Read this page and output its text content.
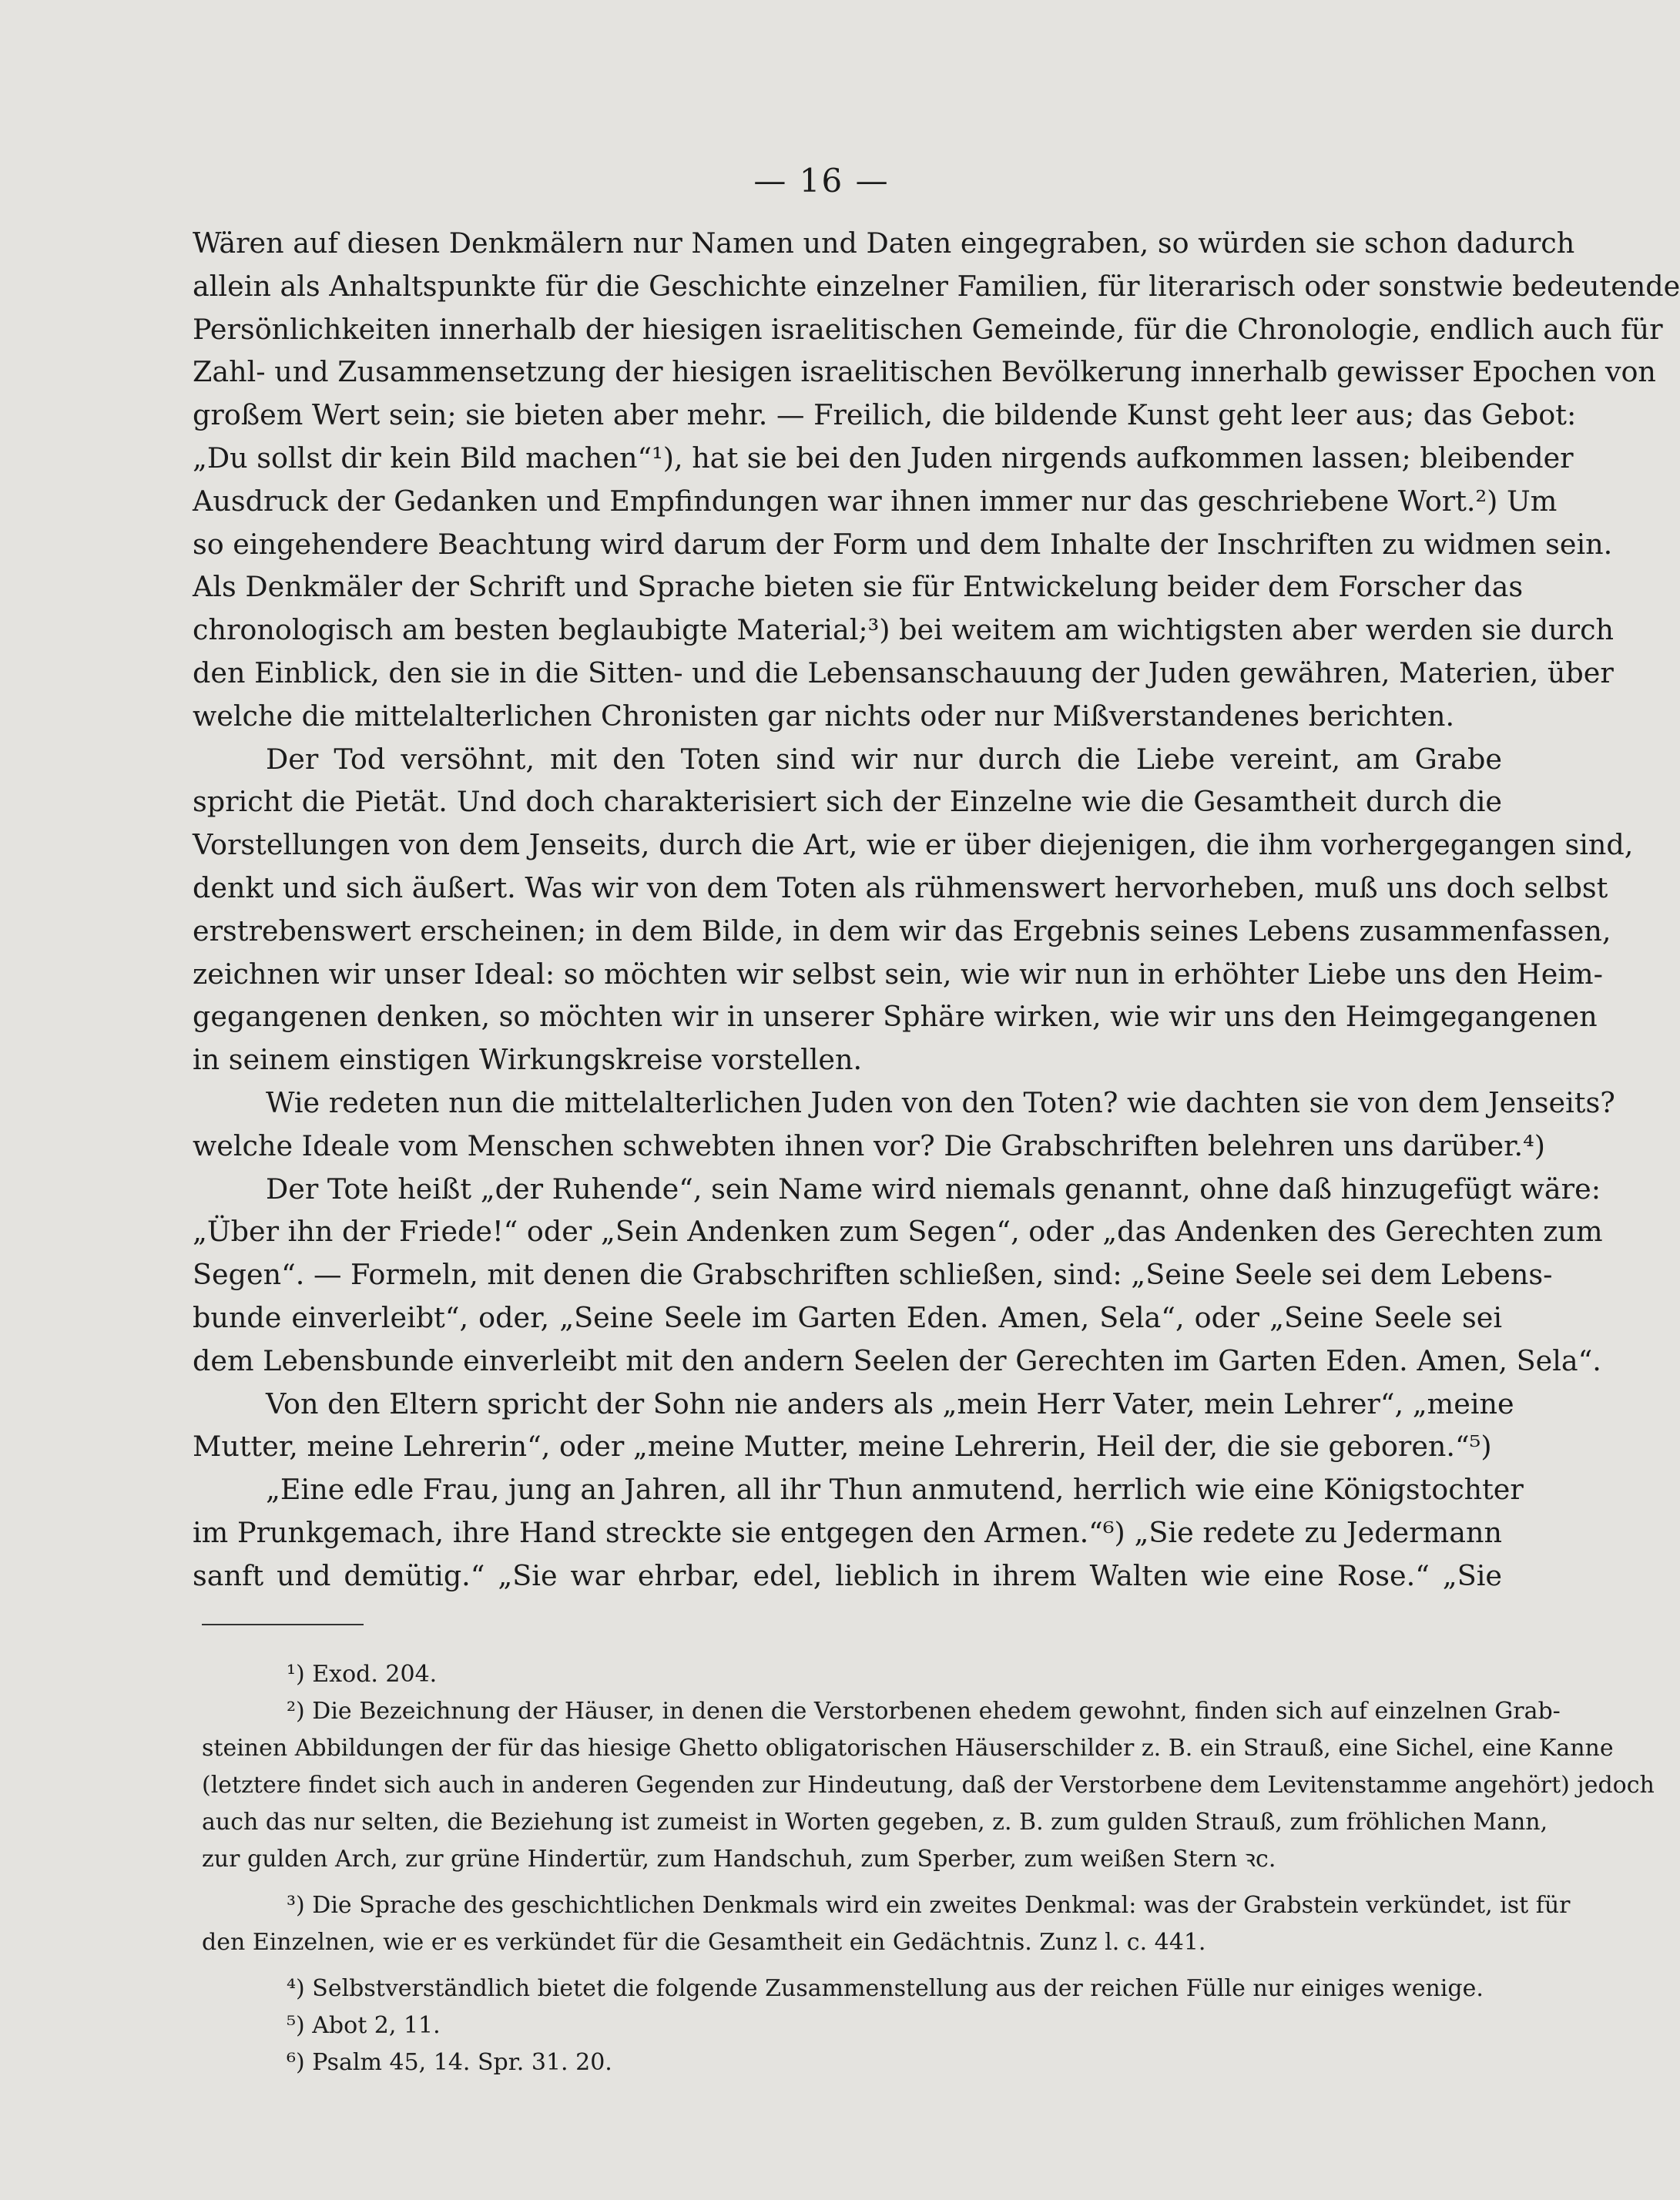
— 16 —
Wären auf diesen Denkmälern nur Namen und Daten eingegraben, so würden sie schon dadurch
allein als Anhaltspunkte für die Geschichte einzelner Familien, für literarisch oder sonstwie bedeutende
Persönlichkeiten innerhalb der hiesigen israelitischen Gemeinde, für die Chronologie, endlich auch für
Zahl- und Zusammensetzung der hiesigen israelitischen Bevölkerung innerhalb gewisser Epochen von
großem Wert sein; sie bieten aber mehr. — Freilich, die bildende Kunst geht leer aus; das Gebot:
„Du sollst dir kein Bild machen“¹), hat sie bei den Juden nirgends aufkommen lassen; bleibender
Ausdruck der Gedanken und Empfindungen war ihnen immer nur das geschriebene Wort.²) Um
so eingehendere Beachtung wird darum der Form und dem Inhalte der Inschriften zu widmen sein.
Als Denkmäler der Schrift und Sprache bieten sie für Entwickelung beider dem Forscher das
chronologisch am besten beglaubigte Material;³) bei weitem am wichtigsten aber werden sie durch
den Einblick, den sie in die Sitten- und die Lebensanschauung der Juden gewähren, Materien, über
welche die mittelalterlichen Chronisten gar nichts oder nur Mißverstandenes berichten.
Der Tod versöhnt, mit den Toten sind wir nur durch die Liebe vereint, am Grabe
spricht die Pietät. Und doch charakterisiert sich der Einzelne wie die Gesamtheit durch die
Vorstellungen von dem Jenseits, durch die Art, wie er über diejenigen, die ihm vorhergegangen sind,
denkt und sich äußert. Was wir von dem Toten als rühmenswert hervorheben, muß uns doch selbst
erstrebenswert erscheinen; in dem Bilde, in dem wir das Ergebnis seines Lebens zusammenfassen,
zeichnen wir unser Ideal: so möchten wir selbst sein, wie wir nun in erhöhter Liebe uns den Heim-
gegangenen denken, so möchten wir in unserer Sphäre wirken, wie wir uns den Heimgegangenen
in seinem einstigen Wirkungskreise vorstellen.
Wie redeten nun die mittelalterlichen Juden von den Toten? wie dachten sie von dem Jenseits?
welche Ideale vom Menschen schwebten ihnen vor? Die Grabschriften belehren uns darüber.⁴)
Der Tote heißt „der Ruhende“, sein Name wird niemals genannt, ohne daß hinzugefügt wäre:
„Über ihn der Friede!“ oder „Sein Andenken zum Segen“, oder „das Andenken des Gerechten zum
Segen“. — Formeln, mit denen die Grabschriften schließen, sind: „Seine Seele sei dem Lebens-
bunde einverleibt“, oder, „Seine Seele im Garten Eden. Amen, Sela“, oder „Seine Seele sei
dem Lebensbunde einverleibt mit den andern Seelen der Gerechten im Garten Eden. Amen, Sela“.
Von den Eltern spricht der Sohn nie anders als „mein Herr Vater, mein Lehrer“, „meine
Mutter, meine Lehrerin“, oder „meine Mutter, meine Lehrerin, Heil der, die sie geboren.“⁵)
„Eine edle Frau, jung an Jahren, all ihr Thun anmutend, herrlich wie eine Königstochter
im Prunkgemach, ihre Hand streckte sie entgegen den Armen.“⁶) „Sie redete zu Jedermann
sanft und demütig.“ „Sie war ehrbar, edel, lieblich in ihrem Walten wie eine Rose.“ „Sie
¹) Exod. 204.
²) Die Bezeichnung der Häuser, in denen die Verstorbenen ehedem gewohnt, finden sich auf einzelnen Grab-
steinen Abbildungen der für das hiesige Ghetto obligatorischen Häuserschilder z. B. ein Strauß, eine Sichel, eine Kanne
(letztere findet sich auch in anderen Gegenden zur Hindeutung, daß der Verstorbene dem Levitenstamme angehört) jedoch
auch das nur selten, die Beziehung ist zumeist in Worten gegeben, z. B. zum gulden Strauß, zum fröhlichen Mann,
zur gulden Arch, zur grüne Hindertür, zum Handschuh, zum Sperber, zum weißen Stern ꝛc.
³) Die Sprache des geschichtlichen Denkmals wird ein zweites Denkmal: was der Grabstein verkündet, ist für
den Einzelnen, wie er es verkündet für die Gesamtheit ein Gedächtnis. Zunz l. c. 441.
⁴) Selbstverständlich bietet die folgende Zusammenstellung aus der reichen Fülle nur einiges wenige.
⁵) Abot 2, 11.
⁶) Psalm 45, 14. Spr. 31. 20.
